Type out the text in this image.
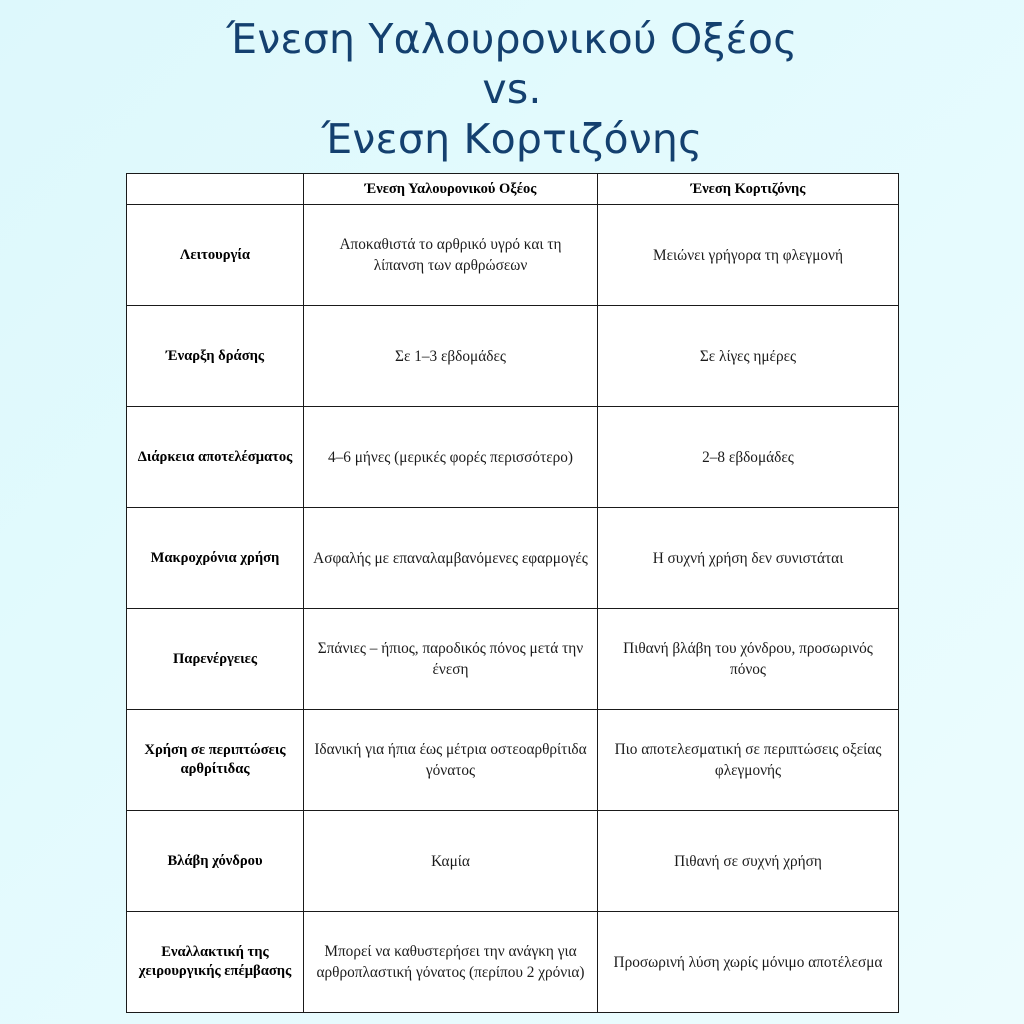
Ένεση Υαλουρονικού Οξέος
vs.
Ένεση Κορτιζόνης
	Ένεση Υαλουρονικού Οξέος	Ένεση Κορτιζόνης
Λειτουργία	Αποκαθιστά το αρθρικό υγρό και τη λίπανση των αρθρώσεων	Μειώνει γρήγορα τη φλεγμονή
Έναρξη δράσης	Σε 1–3 εβδομάδες	Σε λίγες ημέρες
Διάρκεια αποτελέσματος	4–6 μήνες (μερικές φορές περισσότερο)	2–8 εβδομάδες
Μακροχρόνια χρήση	Ασφαλής με επαναλαμβανόμενες εφαρμογές	Η συχνή χρήση δεν συνιστάται
Παρενέργειες	Σπάνιες – ήπιος, παροδικός πόνος μετά την ένεση	Πιθανή βλάβη του χόνδρου, προσωρινός πόνος
Χρήση σε περιπτώσεις αρθρίτιδας	Ιδανική για ήπια έως μέτρια οστεοαρθρίτιδα γόνατος	Πιο αποτελεσματική σε περιπτώσεις οξείας φλεγμονής
Βλάβη χόνδρου	Καμία	Πιθανή σε συχνή χρήση
Εναλλακτική της χειρουργικής επέμβασης	Μπορεί να καθυστερήσει την ανάγκη για αρθροπλαστική γόνατος (περίπου 2 χρόνια)	Προσωρινή λύση χωρίς μόνιμο αποτέλεσμα
